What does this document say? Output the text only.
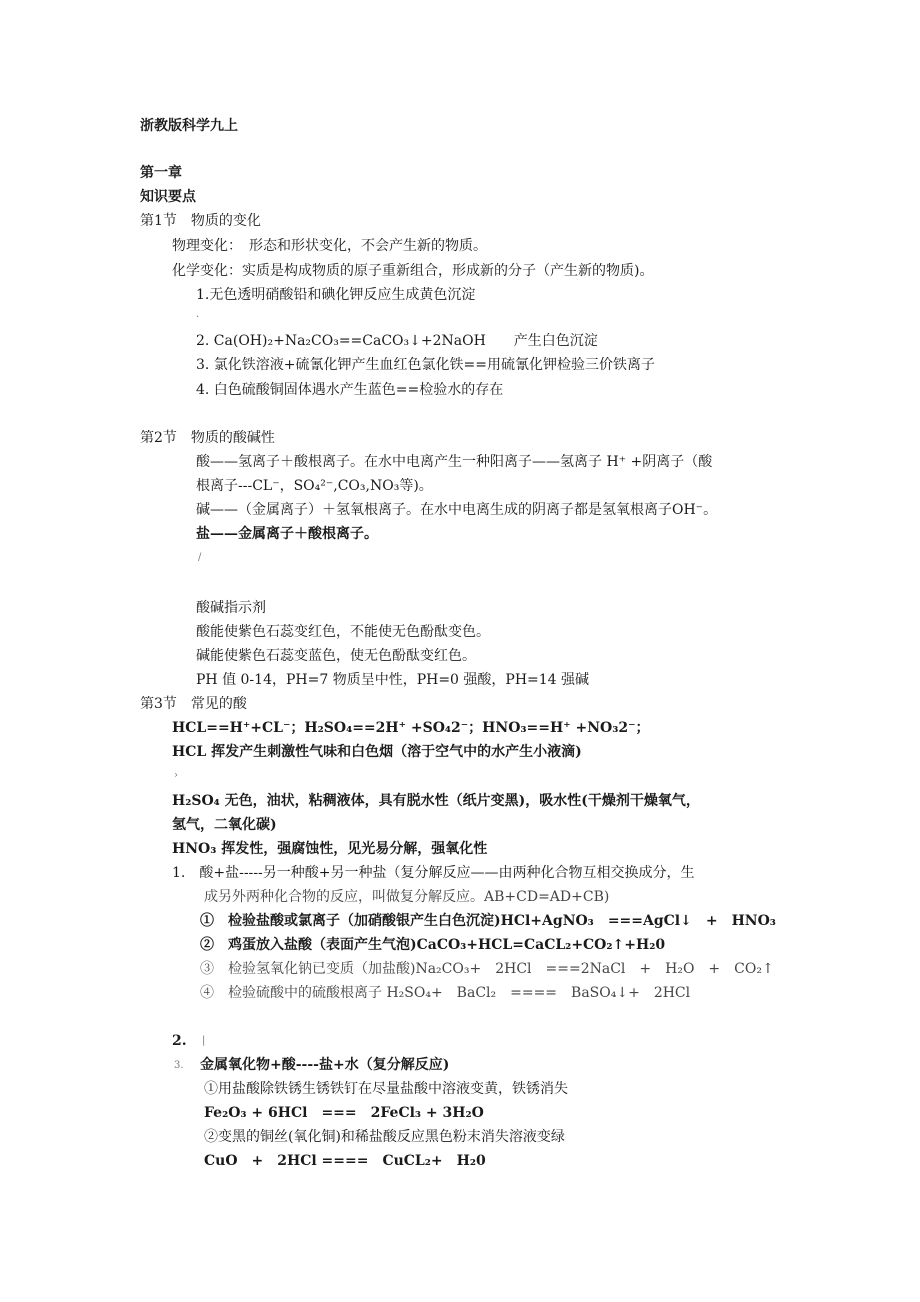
浙教版科学九上
第一章
知识要点
第1节　物质的变化
物理变化：　形态和形状变化，不会产生新的物质。
化学变化：实质是构成物质的原子重新组合，形成新的分子（产生新的物质)。
1.无色透明硝酸铅和碘化钾反应生成黄色沉淀
·
2. Ca(OH)₂+Na₂CO₃==CaCO₃↓+2NaOH　　产生白色沉淀
3. 氯化铁溶液+硫氰化钾产生血红色氯化铁==用硫氰化钾检验三价铁离子
4. 白色硫酸铜固体遇水产生蓝色==检验水的存在
第2节　物质的酸碱性
酸——氢离子＋酸根离子。在水中电离产生一种阳离子——氢离子 H⁺ +阴离子（酸
根离子---CL⁻，SO₄²⁻,CO₃,NO₃等)。
碱——（金属离子）＋氢氧根离子。在水中电离生成的阴离子都是氢氧根离子OH⁻。
盐——金属离子＋酸根离子。
/
酸碱指示剂
酸能使紫色石蕊变红色，不能使无色酚酞变色。
碱能使紫色石蕊变蓝色，使无色酚酞变红色。
PH 值 0-14，PH=7 物质呈中性，PH=0 强酸，PH=14 强碱
第3节　常见的酸
HCL==H⁺+CL⁻；H₂SO₄==2H⁺ +SO₄2⁻；HNO₃==H⁺ +NO₃2⁻；
HCL 挥发产生刺激性气味和白色烟（溶于空气中的水产生小液滴)
›
H₂SO₄ 无色，油状，粘稠液体，具有脱水性（纸片变黑)，吸水性(干燥剂干燥氧气，
氢气，二氧化碳)
HNO₃ 挥发性，强腐蚀性，见光易分解，强氧化性
1.　酸+盐-----另一种酸+另一种盐（复分解反应——由两种化合物互相交换成分，生
成另外两种化合物的反应，叫做复分解反应。AB+CD=AD+CB)
①　检验盐酸或氯离子（加硝酸银产生白色沉淀)HCl+AgNO₃　===AgCl↓　+　HNO₃
②　鸡蛋放入盐酸（表面产生气泡)CaCO₃+HCL=CaCL₂+CO₂↑+H₂0
③　检验氢氧化钠已变质（加盐酸)Na₂CO₃+　2HCl　===2NaCl　+　H₂O　+　CO₂↑
④　检验硫酸中的硫酸根离子 H₂SO₄+　BaCl₂　====　BaSO₄↓+　2HCl
2. |
3. 金属氧化物+酸----盐+水（复分解反应)
①用盐酸除铁锈生锈铁钉在尽量盐酸中溶液变黄，铁锈消失
Fe₂O₃ + 6HCl　===　2FeCl₃ + 3H₂O
②变黑的铜丝(氧化铜)和稀盐酸反应黑色粉末消失溶液变绿
CuO　+　2HCl ====　CuCL₂+　H₂0
